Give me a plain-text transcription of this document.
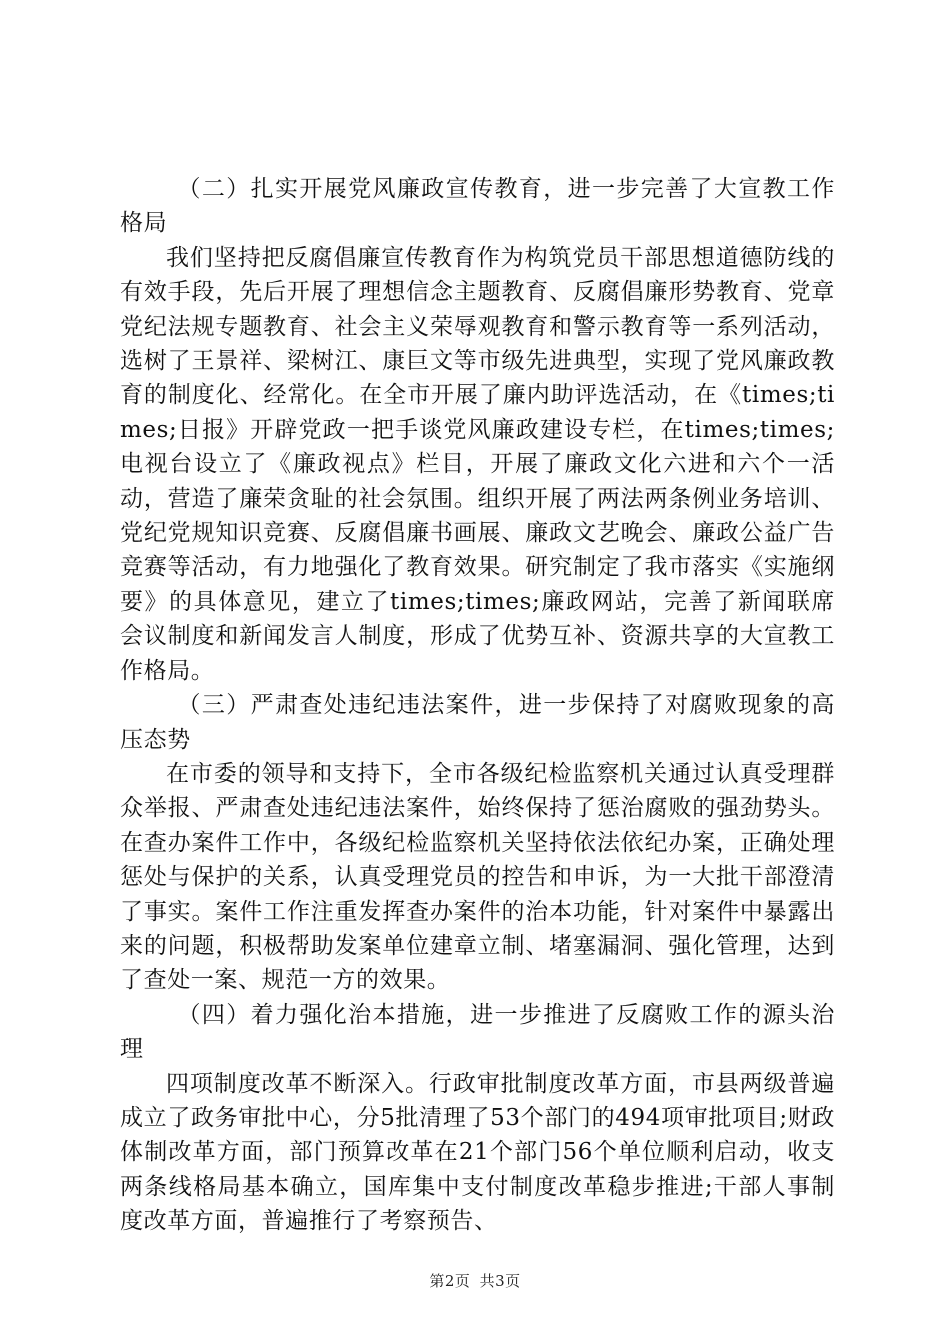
（二）扎实开展党风廉政宣传教育，进一步完善了大宣教工作格局

我们坚持把反腐倡廉宣传教育作为构筑党员干部思想道德防线的有效手段，先后开展了理想信念主题教育、反腐倡廉形势教育、党章党纪法规专题教育、社会主义荣辱观教育和警示教育等一系列活动，选树了王景祥、梁树江、康巨文等市级先进典型，实现了党风廉政教育的制度化、经常化。在全市开展了廉内助评选活动，在《times;times;日报》开辟党政一把手谈党风廉政建设专栏，在times;times;电视台设立了《廉政视点》栏目，开展了廉政文化六进和六个一活动，营造了廉荣贪耻的社会氛围。组织开展了两法两条例业务培训、党纪党规知识竞赛、反腐倡廉书画展、廉政文艺晚会、廉政公益广告竞赛等活动，有力地强化了教育效果。研究制定了我市落实《实施纲要》的具体意见，建立了times;times;廉政网站，完善了新闻联席会议制度和新闻发言人制度，形成了优势互补、资源共享的大宣教工作格局。

（三）严肃查处违纪违法案件，进一步保持了对腐败现象的高压态势

在市委的领导和支持下，全市各级纪检监察机关通过认真受理群众举报、严肃查处违纪违法案件，始终保持了惩治腐败的强劲势头。在查办案件工作中，各级纪检监察机关坚持依法依纪办案，正确处理惩处与保护的关系，认真受理党员的控告和申诉，为一大批干部澄清了事实。案件工作注重发挥查办案件的治本功能，针对案件中暴露出来的问题，积极帮助发案单位建章立制、堵塞漏洞、强化管理，达到了查处一案、规范一方的效果。

（四）着力强化治本措施，进一步推进了反腐败工作的源头治理

四项制度改革不断深入。行政审批制度改革方面，市县两级普遍成立了政务审批中心，分5批清理了53个部门的494项审批项目;财政体制改革方面，部门预算改革在21个部门56个单位顺利启动，收支两条线格局基本确立，国库集中支付制度改革稳步推进;干部人事制度改革方面，普遍推行了考察预告、

第2页 共3页
